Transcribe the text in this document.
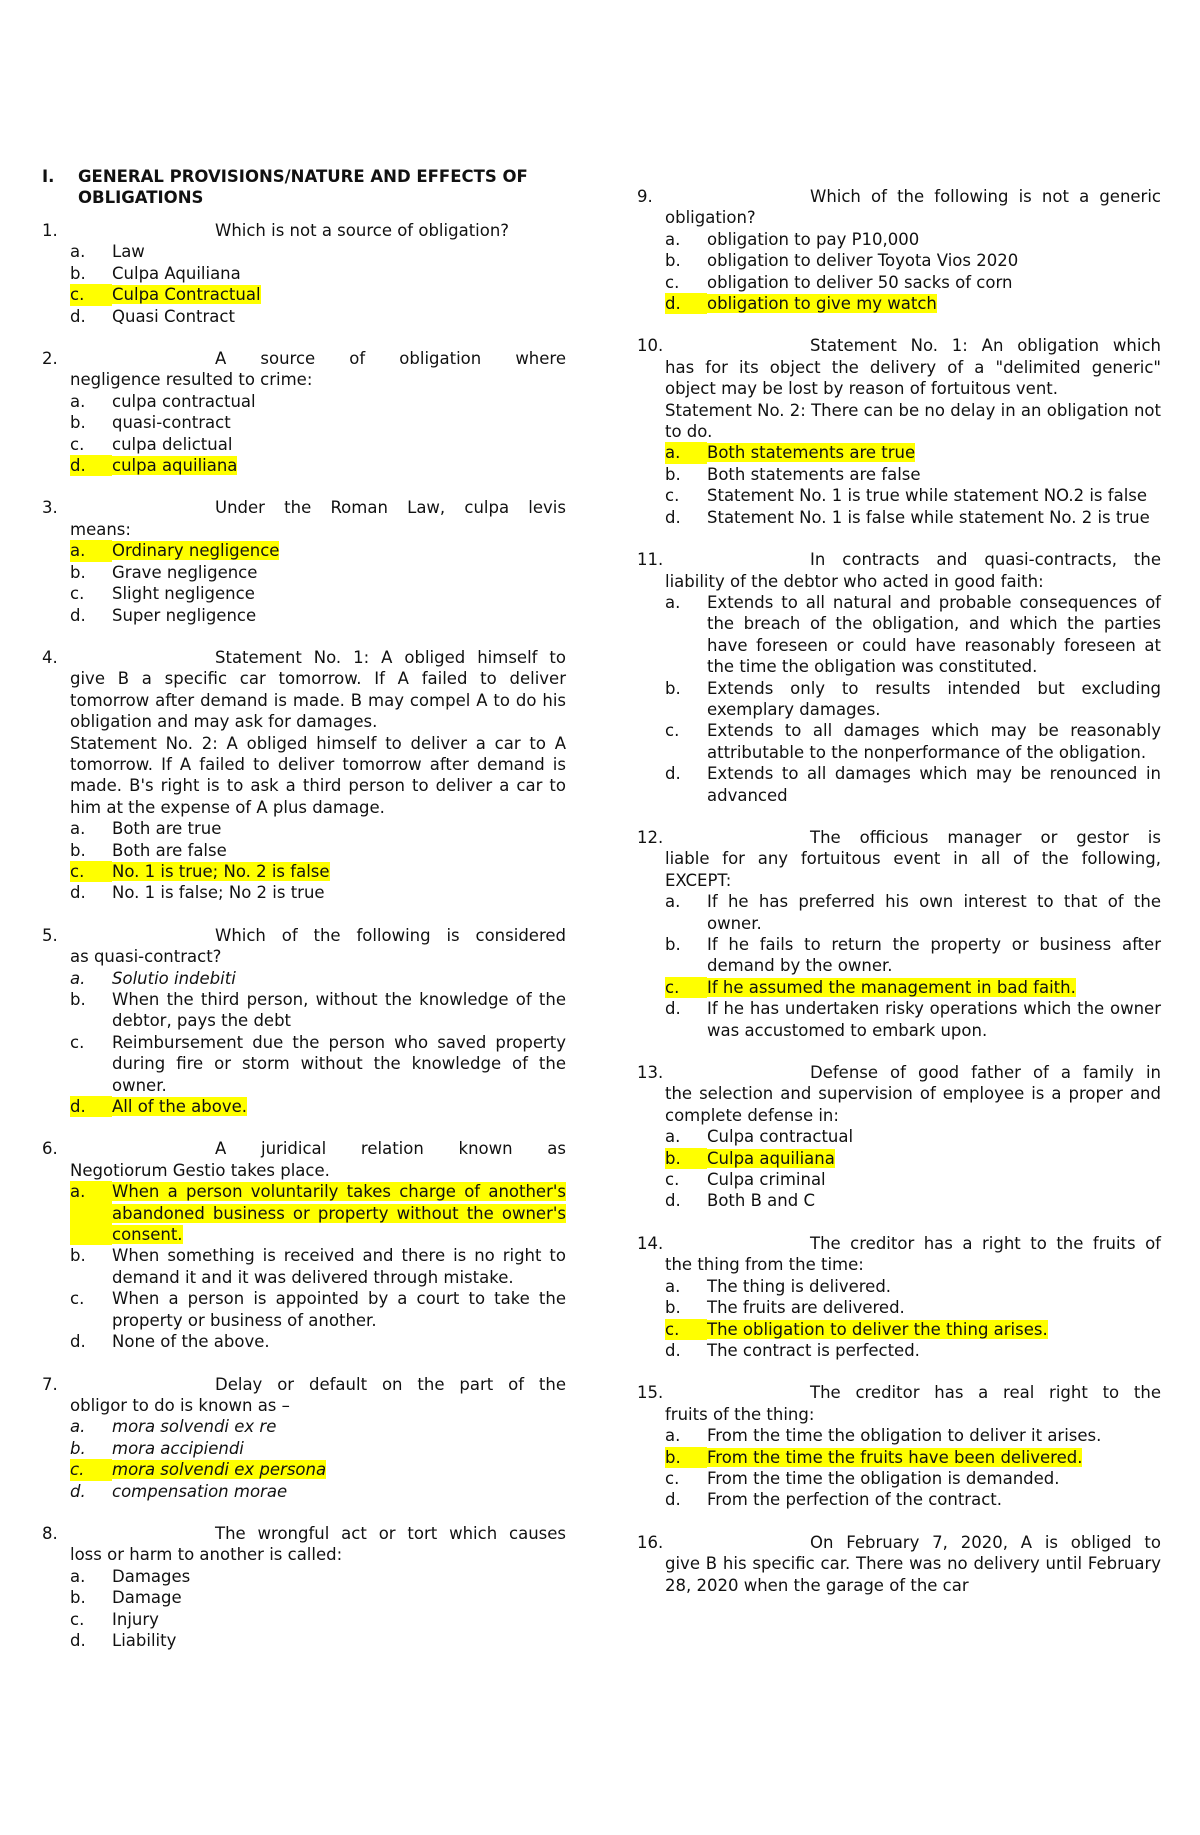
I.	GENERAL PROVISIONS/NATURE AND EFFECTS OF OBLIGATIONS
1.	Which is not a source of obligation?
a.	Law
b.	Culpa Aquiliana
c.	Culpa Contractual
d.	Quasi Contract
2.	A source of obligation where
negligence resulted to crime:
a.	culpa contractual
b.	quasi-contract
c.	culpa delictual
d.	culpa aquiliana
3.	Under the Roman Law, culpa levis
means:
a.	Ordinary negligence
b.	Grave negligence
c.	Slight negligence
d.	Super negligence
4.	Statement No. 1: A obliged himself to
give B a specific car tomorrow. If A failed to deliver tomorrow after demand is made. B may compel A to do his obligation and may ask for damages.
Statement No. 2: A obliged himself to deliver a car to A tomorrow. If A failed to deliver tomorrow after demand is made. B's right is to ask a third person to deliver a car to him at the expense of A plus damage.
a.	Both are true
b.	Both are false
c.	No. 1 is true; No. 2 is false
d.	No. 1 is false; No 2 is true
5.	Which of the following is considered
as quasi-contract?
a.	Solutio indebiti
b.	When the third person, without the knowledge of the debtor, pays the debt
c.	Reimbursement due the person who saved property during fire or storm without the knowledge of the owner.
d.	All of the above.
6.	A juridical relation known as
Negotiorum Gestio takes place.
a.	When a person voluntarily takes charge of another's abandoned business or property without the owner's consent.
b.	When something is received and there is no right to demand it and it was delivered through mistake.
c.	When a person is appointed by a court to take the property or business of another.
d.	None of the above.
7.	Delay or default on the part of the
obligor to do is known as –
a.	mora solvendi ex re
b.	mora accipiendi
c.	mora solvendi ex persona
d.	compensation morae
8.	The wrongful act or tort which causes
loss or harm to another is called:
a.	Damages
b.	Damage
c.	Injury
d.	Liability
9.	Which of the following is not a generic
obligation?
a.	obligation to pay P10,000
b.	obligation to deliver Toyota Vios 2020
c.	obligation to deliver 50 sacks of corn
d.	obligation to give my watch
10.	Statement No. 1: An obligation which
has for its object the delivery of a "delimited generic" object may be lost by reason of fortuitous vent.
Statement No. 2: There can be no delay in an obligation not to do.
a.	Both statements are true
b.	Both statements are false
c.	Statement No. 1 is true while statement NO.2 is false
d.	Statement No. 1 is false while statement No. 2 is true
11.	In contracts and quasi-contracts, the
liability of the debtor who acted in good faith:
a.	Extends to all natural and probable consequences of the breach of the obligation, and which the parties have foreseen or could have reasonably foreseen at the time the obligation was constituted.
b.	Extends only to results intended but excluding exemplary damages.
c.	Extends to all damages which may be reasonably attributable to the nonperformance of the obligation.
d.	Extends to all damages which may be renounced in advanced
12.	The officious manager or gestor is
liable for any fortuitous event in all of the following, EXCEPT:
a.	If he has preferred his own interest to that of the owner.
b.	If he fails to return the property or business after demand by the owner.
c.	If he assumed the management in bad faith.
d.	If he has undertaken risky operations which the owner was accustomed to embark upon.
13.	Defense of good father of a family in
the selection and supervision of employee is a proper and complete defense in:
a.	Culpa contractual
b.	Culpa aquiliana
c.	Culpa criminal
d.	Both B and C
14.	The creditor has a right to the fruits of
the thing from the time:
a.	The thing is delivered.
b.	The fruits are delivered.
c.	The obligation to deliver the thing arises.
d.	The contract is perfected.
15.	The creditor has a real right to the
fruits of the thing:
a.	From the time the obligation to deliver it arises.
b.	From the time the fruits have been delivered.
c.	From the time the obligation is demanded.
d.	From the perfection of the contract.
16.	On February 7, 2020, A is obliged to
give B his specific car. There was no delivery until February 28, 2020 when the garage of the car
